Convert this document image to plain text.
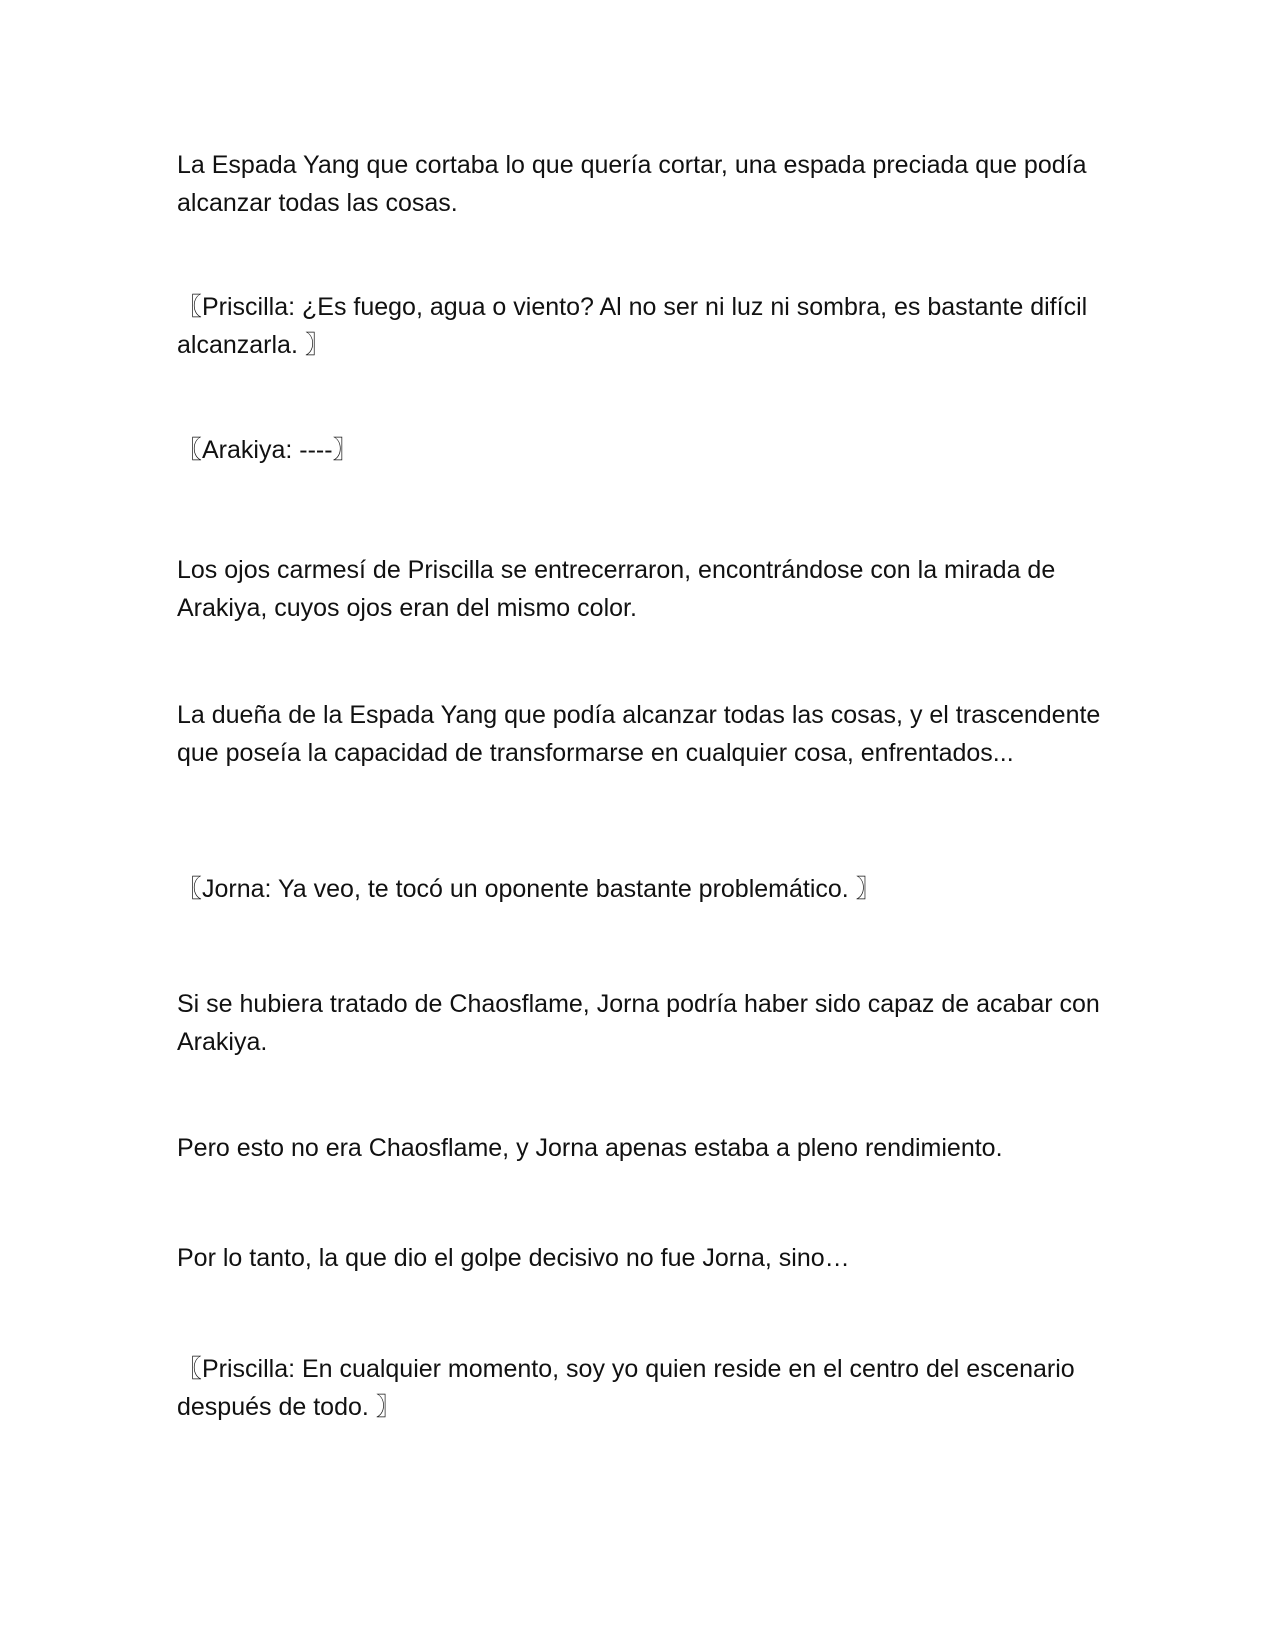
La Espada Yang que cortaba lo que quería cortar, una espada preciada que podía alcanzar todas las cosas.

〖Priscilla: ¿Es fuego, agua o viento? Al no ser ni luz ni sombra, es bastante difícil alcanzarla. 〗

〖Arakiya: ----〗

Los ojos carmesí de Priscilla se entrecerraron, encontrándose con la mirada de Arakiya, cuyos ojos eran del mismo color.

La dueña de la Espada Yang que podía alcanzar todas las cosas, y el trascendente que poseía la capacidad de transformarse en cualquier cosa, enfrentados...

〖Jorna: Ya veo, te tocó un oponente bastante problemático. 〗

Si se hubiera tratado de Chaosflame, Jorna podría haber sido capaz de acabar con Arakiya.

Pero esto no era Chaosflame, y Jorna apenas estaba a pleno rendimiento.

Por lo tanto, la que dio el golpe decisivo no fue Jorna, sino…

〖Priscilla: En cualquier momento, soy yo quien reside en el centro del escenario después de todo. 〗
